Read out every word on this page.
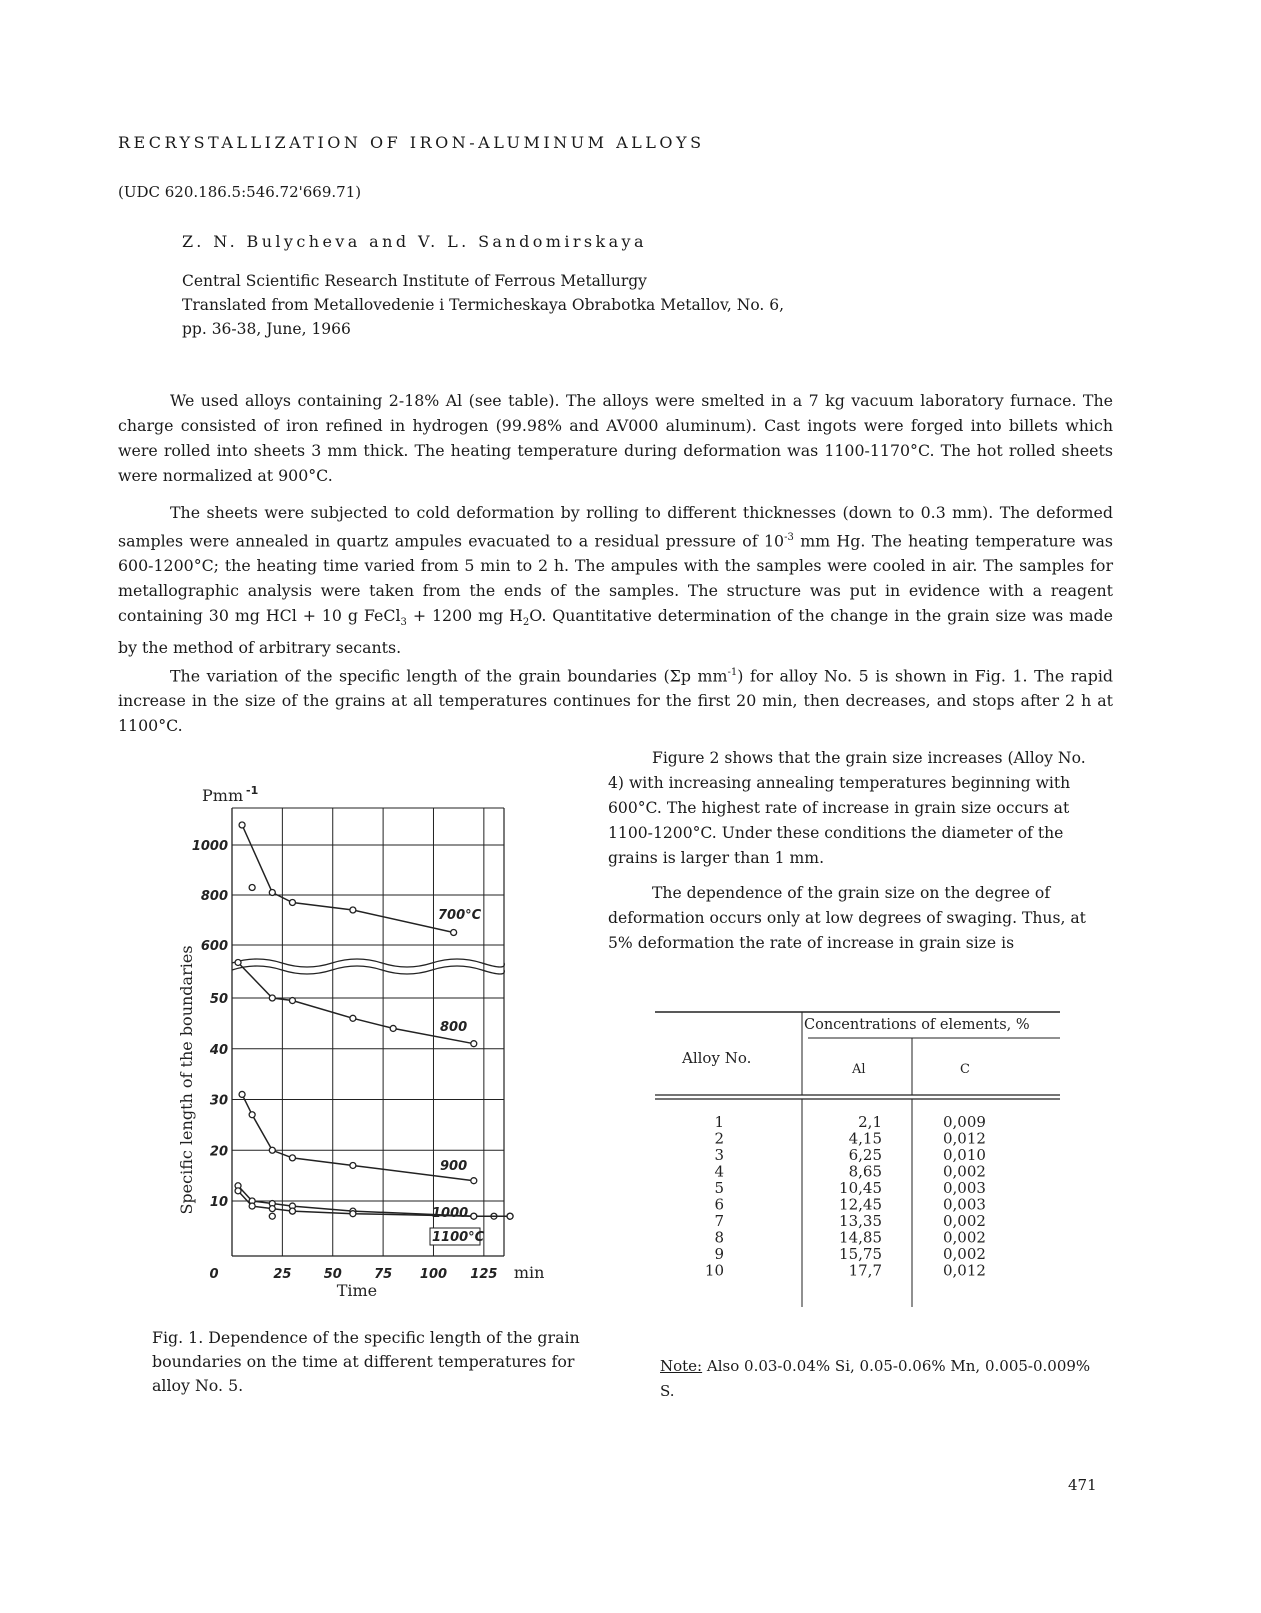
RECRYSTALLIZATION OF IRON-ALUMINUM ALLOYS
(UDC 620.186.5:546.72'669.71)
Z. N. Bulycheva and V. L. Sandomirskaya
Central Scientific Research Institute of Ferrous Metallurgy
Translated from Metallovedenie i Termicheskaya Obrabotka Metallov, No. 6,
pp. 36-38, June, 1966

We used alloys containing 2-18% Al (see table). The alloys were smelted in a 7 kg vacuum laboratory furnace. The charge consisted of iron refined in hydrogen (99.98% and AV000 aluminum). Cast ingots were forged into billets which were rolled into sheets 3 mm thick. The heating temperature during deformation was 1100-1170°C. The hot rolled sheets were normalized at 900°C.

The sheets were subjected to cold deformation by rolling to different thicknesses (down to 0.3 mm). The deformed samples were annealed in quartz ampules evacuated to a residual pressure of $10^{-3}$ mm Hg. The heating temperature was 600-1200°C; the heating time varied from 5 min to 2 h. The ampules with the samples were cooled in air. The samples for metallographic analysis were taken from the ends of the samples. The structure was put in evidence with a reagent containing 30 mg HCl + 10 g FeCl$_3$ + 1200 mg $H_2O$. Quantitative determination of the change in the grain size was made by the method of arbitrary secants.

The variation of the specific length of the grain boundaries (Σp $mm^{-1}$) for alloy No. 5 is shown in Fig. 1. The rapid increase in the size of the grains at all temperatures continues for the first 20 min, then decreases, and stops after 2 h at 1100°C.

Figure 2 shows that the grain size increases (Alloy No. 4) with increasing annealing temperatures beginning with 600°C. The highest rate of increase in grain size occurs at 1100-1200°C. Under these conditions the diameter of the grains is larger than 1 mm.

The dependence of the grain size on the degree of deformation occurs only at low degrees of swaging. Thus, at 5% deformation the rate of increase in grain size is

1000
800
600
50
40
30
20
10
0	25 50 75 100 125 min
Time
Pmm -1
Specific length of the boundaries
700°C
800
900
1000
1100°C
Fig. 1. Dependence of the specific length of the grain boundaries on the time at different temperatures for alloy No. 5.
Alloy No.
Concentrations of elements, %
Al	C
1	2,1	0,009
2	4,15	0,012
3	6,25	0,010
4	8,65	0,002
5	10,45	0,003
6	12,45	0,003
7	13,35	0,002
8	14,85	0,002
9	15,75	0,002
10	17,7	0,012
Note: Also 0.03-0.04% Si, 0.05-0.06% Mn, 0.005-0.009% S.
471
